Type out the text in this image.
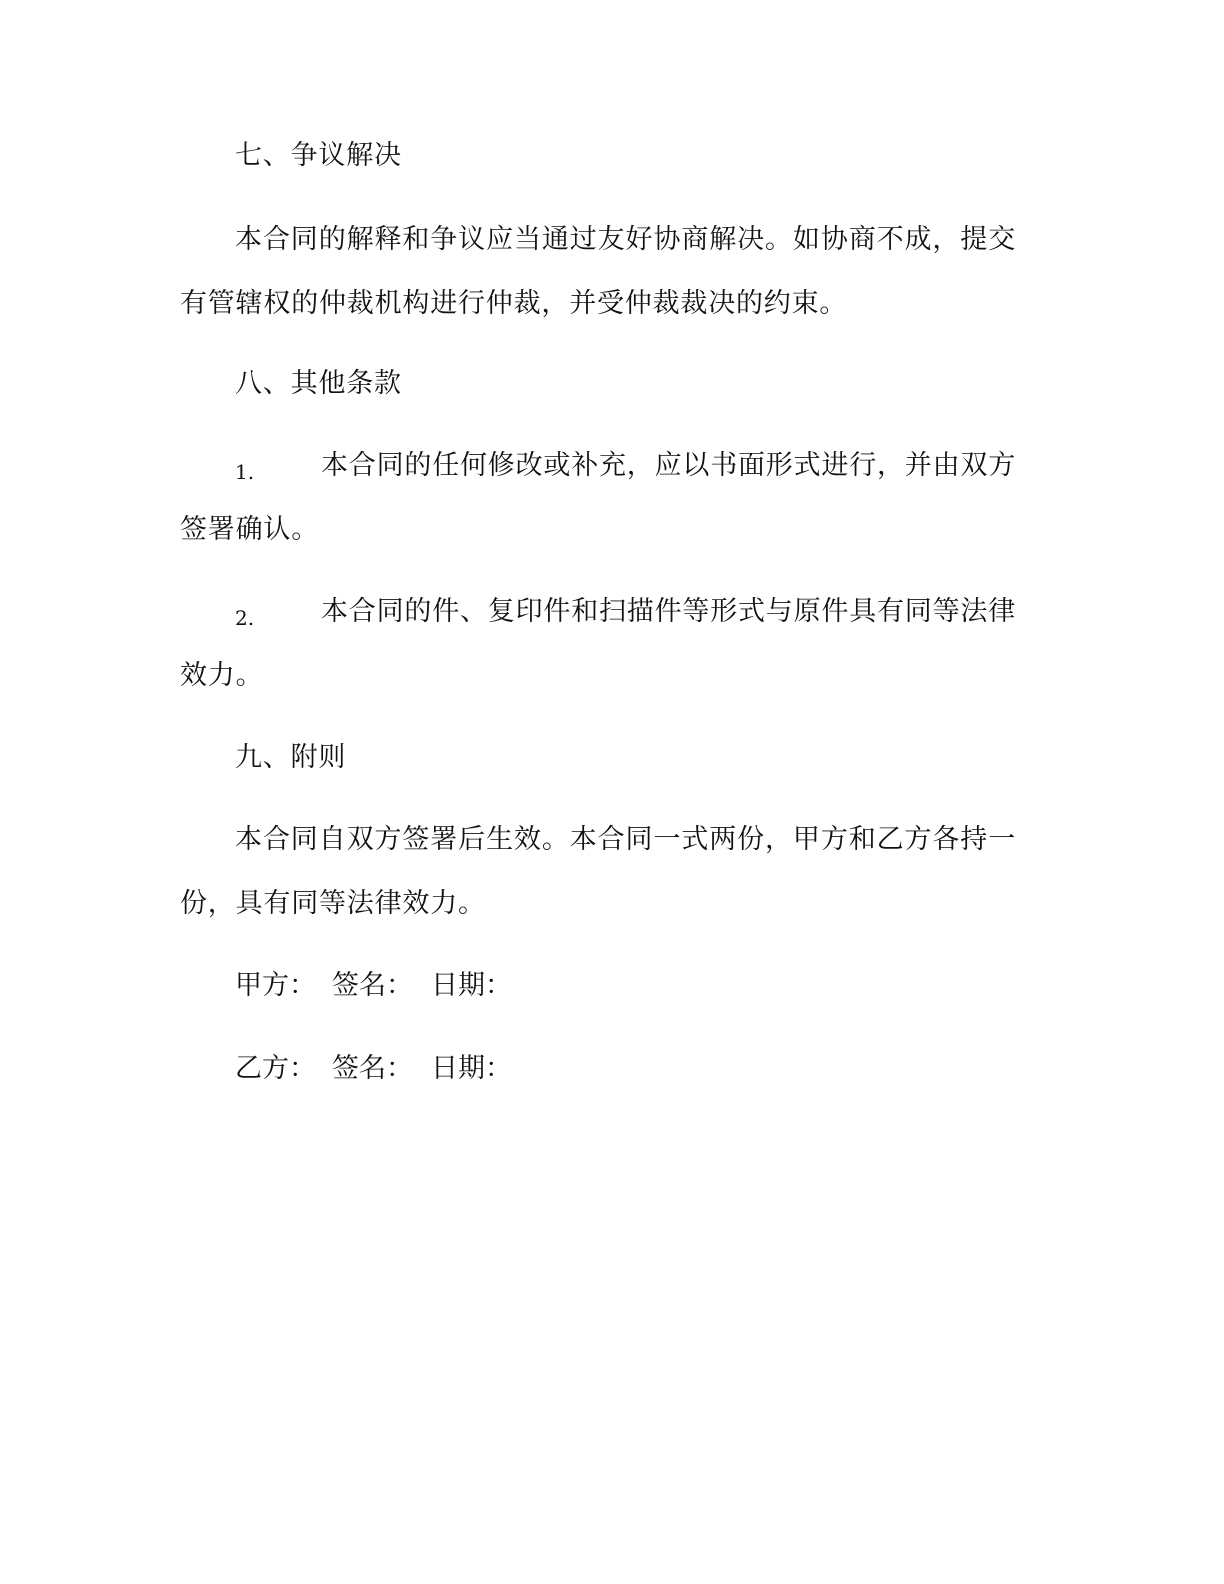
七、争议解决
本合同的解释和争议应当通过友好协商解决。如协商不成，提交
有管辖权的仲裁机构进行仲裁，并受仲裁裁决的约束。
八、其他条款
1. 本合同的任何修改或补充，应以书面形式进行，并由双方
签署确认。
2. 本合同的件、复印件和扫描件等形式与原件具有同等法律
效力。
九、附则
本合同自双方签署后生效。本合同一式两份，甲方和乙方各持一
份，具有同等法律效力。
甲方： 签名： 日期：
乙方： 签名： 日期：
